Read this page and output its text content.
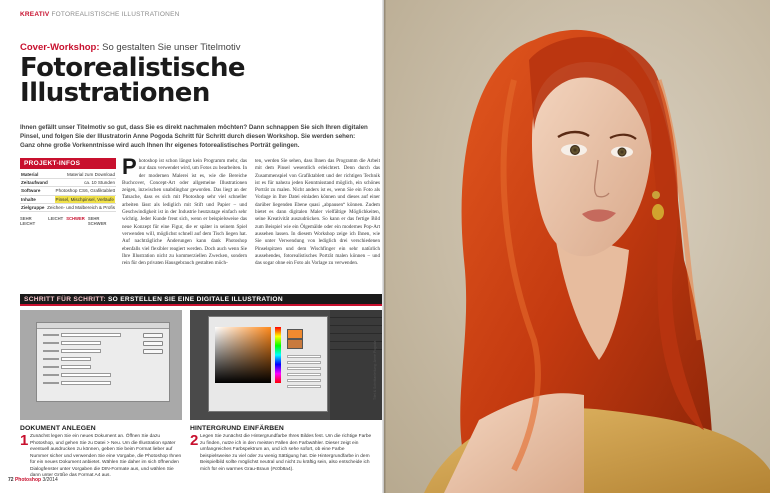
KREATIV FOTOREALISTISCHE ILLUSTRATIONEN
Cover-Workshop: So gestalten Sie unser Titelmotiv
Fotorealistische
Illustrationen
Ihnen gefällt unser Titelmotiv so gut, dass Sie es direkt nachmalen möchten? Dann schnappen Sie sich Ihren digitalen Pinsel, und folgen Sie der Illustratorin Anne Pogoda Schritt für Schritt durch diesen Workshop. Sie werden sehen: Ganz ohne große Vorkenntnisse wird auch Ihnen Ihr eigenes fotorealistisches Porträt gelingen.
PROJEKT-INFOS
Material	Material zum Download
Zeitaufwand	ca. 10 Stunden
Software	Photoshop CS6, Grafiktablett
Inhalte	Pinsel, Mischpinsel, Verläufe
Zielgruppe Zeichen- und Malbereich & Profis
SEHR LEICHT
LEICHT SCHWER SEHR SCHWER
P hotoshop ist schon längst kein Programm mehr, das nur dazu verwendet wird, um Fotos zu bearbeiten. In der modernen Malerei ist es, wie die Bereiche Buchcover, Concept-Art oder allgemeine Illustrationen zeigen, inzwischen unabdingbar geworden. Das liegt an der Tatsache, dass es sich mit Photoshop sehr viel schneller arbeiten lässt als lediglich mit Stift und Papier – und Geschwindigkeit ist in der Industrie heutzutage einfach sehr wichtig. Jeder Kunde freut sich, wenn er beispielsweise das neue Konzept für eine Figur, die er später in seinem Spiel verwenden will, möglichst schnell auf dem Tisch liegen hat. Auf nachträgliche Änderungen kann dank Photoshop ebenfalls viel flexibler reagiert werden. Doch auch wenn Sie Ihre Illustration nicht zu kommerziellen Zwecken, sondern rein für den privaten Hausgebrauch gestalten möch-

ten, werden Sie sehen, dass Ihnen das Programm die Arbeit mit dem Pinsel wesentlich erleichtert. Denn durch das Zusammenspiel von Grafiktablett und der richtigen Technik ist es für nahezu jeden Kenntnisstand möglich, ein schönes Porträt zu malen. Nicht anders ist es, wenn Sie ein Foto als Vorlage in Ihre Datei einladen können und dieses auf einer darüber liegenden Ebene quasi „abpausen“ können. Zudem bietet es dann digitalen Maler vielfältige Möglichkeiten, seine Kreativität auszudrücken. So kann er das fertige Bild zum Beispiel wie ein Ölgemälde oder ein modernes Pop-Art aussehen lassen. In diesem Workshop zeige ich Ihnen, wie Sie unter Verwendung von lediglich drei verschiedenen Pinselspitzen und dem Wischfinger ein sehr natürlich aussehendes, fotorealistisches Porträt malen können – und das sogar ohne ein Foto als Vorlage zu verwenden.

SCHRITT FÜR SCHRITT: SO ERSTELLEN SIE EINE DIGITALE ILLUSTRATION
DOKUMENT ANLEGEN
1 Zunächst legen Sie ein neues Dokument an. Öffnen Sie dazu Photoshop, und gehen Sie zu Datei > Neu. Um die Illustration später eventuell ausdrucken zu können, geben Sie beim Format lieber auf Nummer sicher und verwenden Sie eine Vorgabe, die Photoshop Ihnen für ein neues Dokument anbietet. Wählen Sie daher im sich öffnenden Dialogfenster unter Vorgaben die DIN-Formate aus, und wählen Sie dann unter Größe das Format A4 aus.
HINTERGRUND EINFÄRBEN
2 Legen Sie zunächst die Hintergrundfarbe Ihres Bildes fest. Um die richtige Farbe zu finden, nutze ich in den meisten Fällen den Farbwähler. Dieser zeigt ein umfangreiches Farbspektrum an, und ich sehe sofort, ob eine Farbe beispielsweise zu viel oder zu wenig Sättigung hat. Die Hintergrundfarbe in dem Beispielbild sollte möglichst neutral und nicht zu kräftig sein, also entscheide ich mich für ein warmes Grau-Braun (#c0b8a4).
72 Photoshop 3/2014
Titel & Schrittanleitung: Anne Pogoda
